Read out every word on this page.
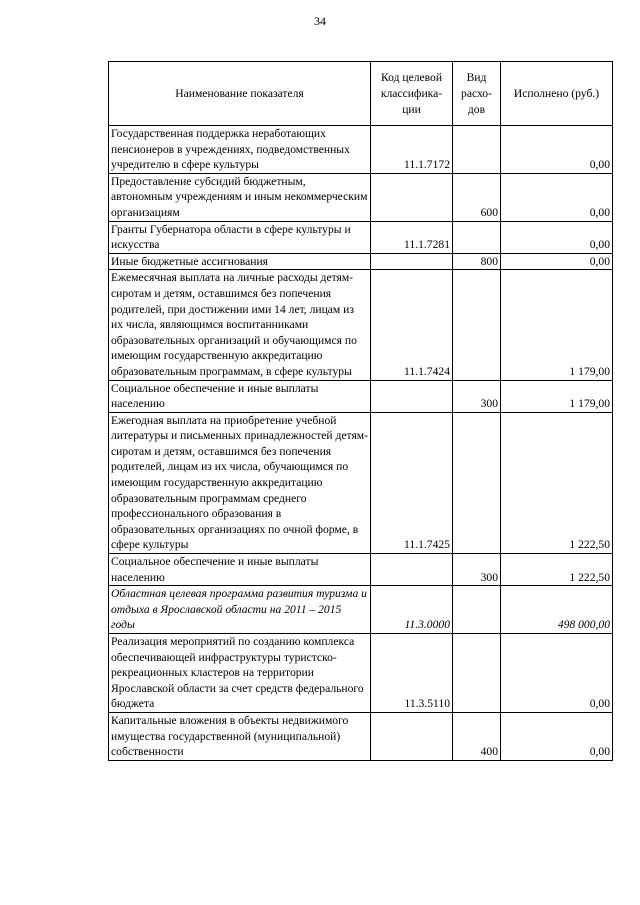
34
Наименование показателя	Код целевой классифика-ции	Вид расхо-дов	Исполнено (руб.)
Государственная поддержка неработающих пенсионеров в учреждениях, подведомственных учредителю в сфере культуры	11.1.7172		0,00
Предоставление субсидий бюджетным, автономным учреждениям и иным некоммерческим организациям		600	0,00
Гранты Губернатора области в сфере культуры и искусства	11.1.7281		0,00
Иные бюджетные ассигнования		800	0,00
Ежемесячная выплата на личные расходы детям-сиротам и детям, оставшимся без попечения родителей, при достижении ими 14 лет, лицам из их числа, являющимся воспитанниками образовательных организаций и обучающимся по имеющим государственную аккредитацию образовательным программам, в сфере культуры	11.1.7424		1 179,00
Социальное обеспечение и иные выплаты населению		300	1 179,00
Ежегодная выплата на приобретение учебной литературы и письменных принадлежностей детям-сиротам и детям, оставшимся без попечения родителей, лицам из их числа, обучающимся по имеющим государственную аккредитацию образовательным программам среднего профессионального образования в образовательных организациях по очной форме, в сфере культуры	11.1.7425		1 222,50
Социальное обеспечение и иные выплаты населению		300	1 222,50
Областная целевая программа развития туризма и отдыха в Ярославской области на 2011 – 2015 годы	11.3.0000		498 000,00
Реализация мероприятий по созданию комплекса обеспечивающей инфраструктуры туристско-рекреационных кластеров на территории Ярославской области за счет средств федерального бюджета	11.3.5110		0,00
Капитальные вложения в объекты недвижимого имущества государственной (муниципальной) собственности		400	0,00
